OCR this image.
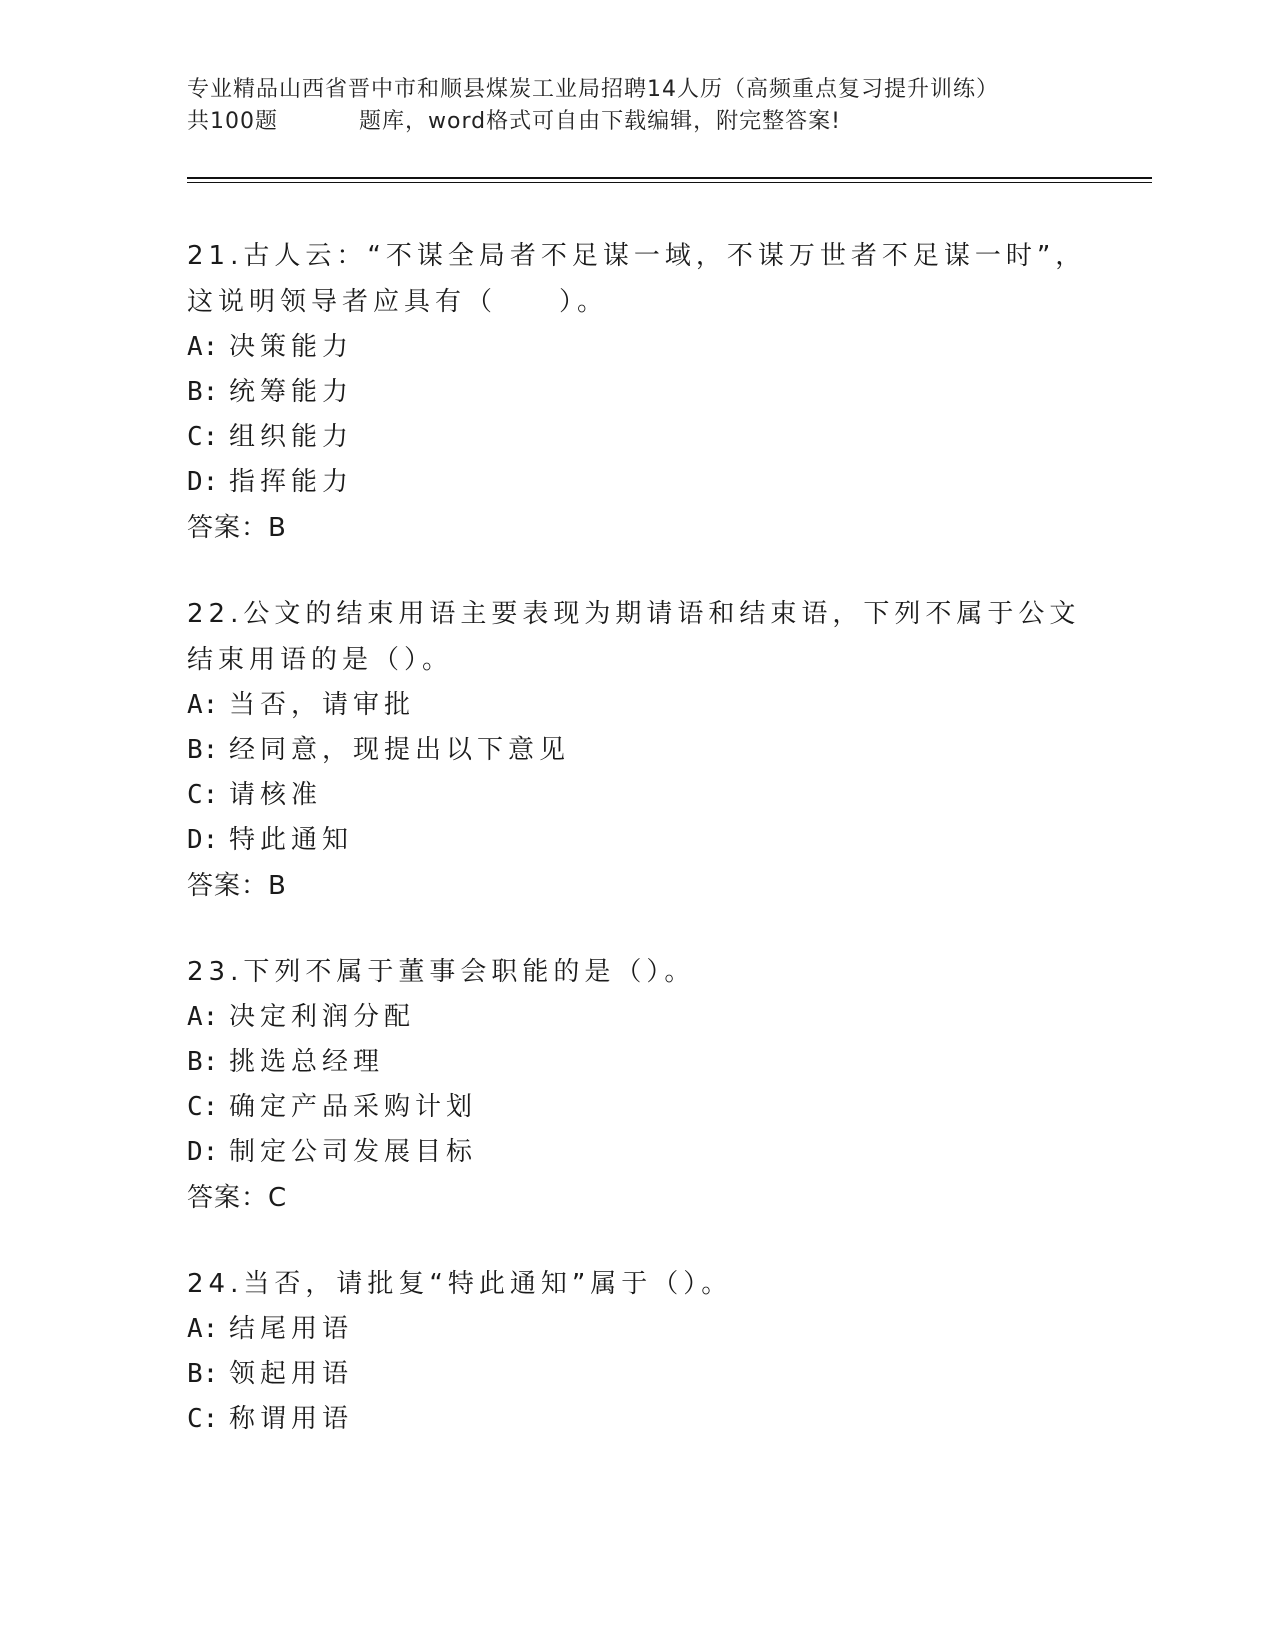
专业精品山西省晋中市和顺县煤炭工业局招聘14人历（高频重点复习提升训练）
共100题	题库，word格式可自由下载编辑，附完整答案!

21.古人云：“不谋全局者不足谋一域，不谋万世者不足谋一时”，这说明领导者应具有（　　）。

A: 决策能力

B: 统筹能力

C: 组织能力

D: 指挥能力

答案：B

22.公文的结束用语主要表现为期请语和结束语，下列不属于公文结束用语的是（）。

A: 当否，请审批

B: 经同意，现提出以下意见

C: 请核准

D: 特此通知

答案：B

23.下列不属于董事会职能的是（）。

A: 决定利润分配

B: 挑选总经理

C: 确定产品采购计划

D: 制定公司发展目标

答案：C

24.当否，请批复“特此通知”属于（）。

A: 结尾用语

B: 领起用语

C: 称谓用语
